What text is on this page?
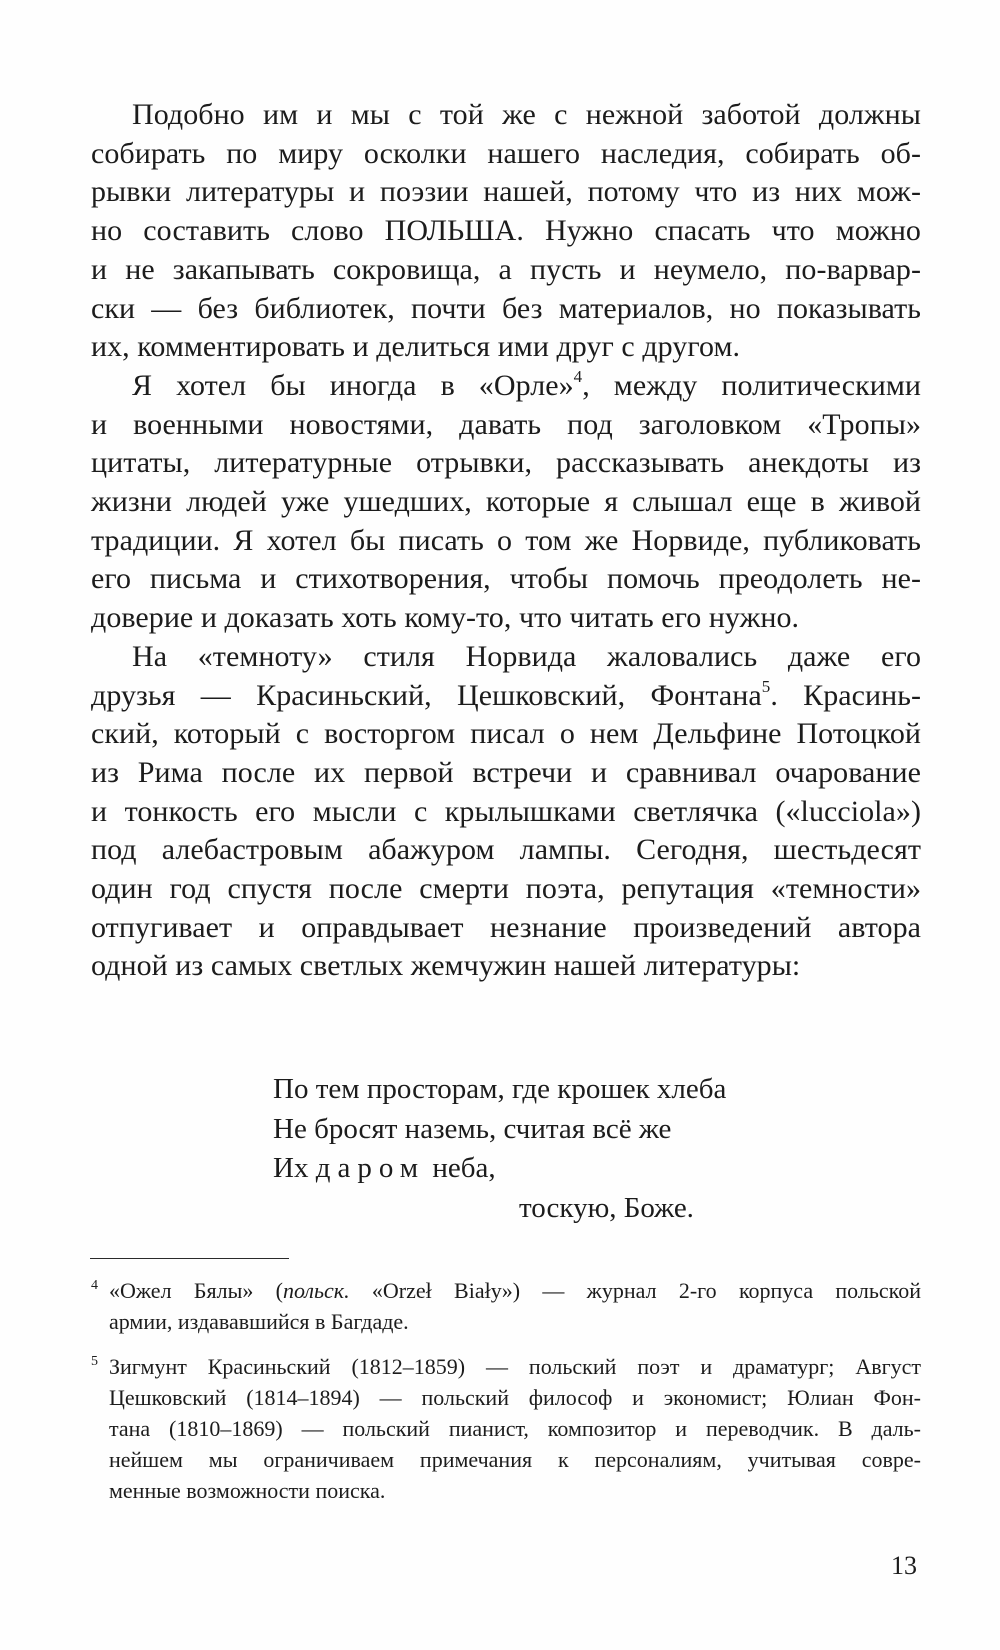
Подобно им и мы с той же с нежной заботой должны
собирать по миру осколки нашего наследия, собирать об-
рывки литературы и поэзии нашей, потому что из них мож-
но составить слово ПОЛЬША. Нужно спасать что можно
и не закапывать сокровища, а пусть и неумело, по-варвар-
ски — без библиотек, почти без материалов, но показывать
их, комментировать и делиться ими друг с другом.
Я хотел бы иногда в «Орле»$^4$, между политическими
и военными новостями, давать под заголовком «Тропы»
цитаты, литературные отрывки, рассказывать анекдоты из
жизни людей уже ушедших, которые я слышал еще в живой
традиции. Я хотел бы писать о том же Норвиде, публиковать
его письма и стихотворения, чтобы помочь преодолеть не-
доверие и доказать хоть кому-то, что читать его нужно.
На «темноту» стиля Норвида жаловались даже его
друзья — Красиньский, Цешковский, Фонтана$^5$. Красинь-
ский, который с восторгом писал о нем Дельфине Потоцкой
из Рима после их первой встречи и сравнивал очарование
и тонкость его мысли с крылышками светлячка («lucciola»)
под алебастровым абажуром лампы. Сегодня, шестьдесят
один год спустя после смерти поэта, репутация «темности»
отпугивает и оправдывает незнание произведений автора
одной из самых светлых жемчужин нашей литературы:
По тем просторам, где крошек хлеба
Не бросят наземь, считая всё же
Их даром неба,
тоскую, Боже.
4 «Ожел Бялы» (польск. «Orzeł Biały») — журнал 2-го корпуса польской
армии, издававшийся в Багдаде.
5 Зигмунт Красиньский (1812–1859) — польский поэт и драматург; Август
Цешковский (1814–1894) — польский философ и экономист; Юлиан Фон-
тана (1810–1869) — польский пианист, композитор и переводчик. В даль-
нейшем мы ограничиваем примечания к персоналиям, учитывая совре-
менные возможности поиска.
13
